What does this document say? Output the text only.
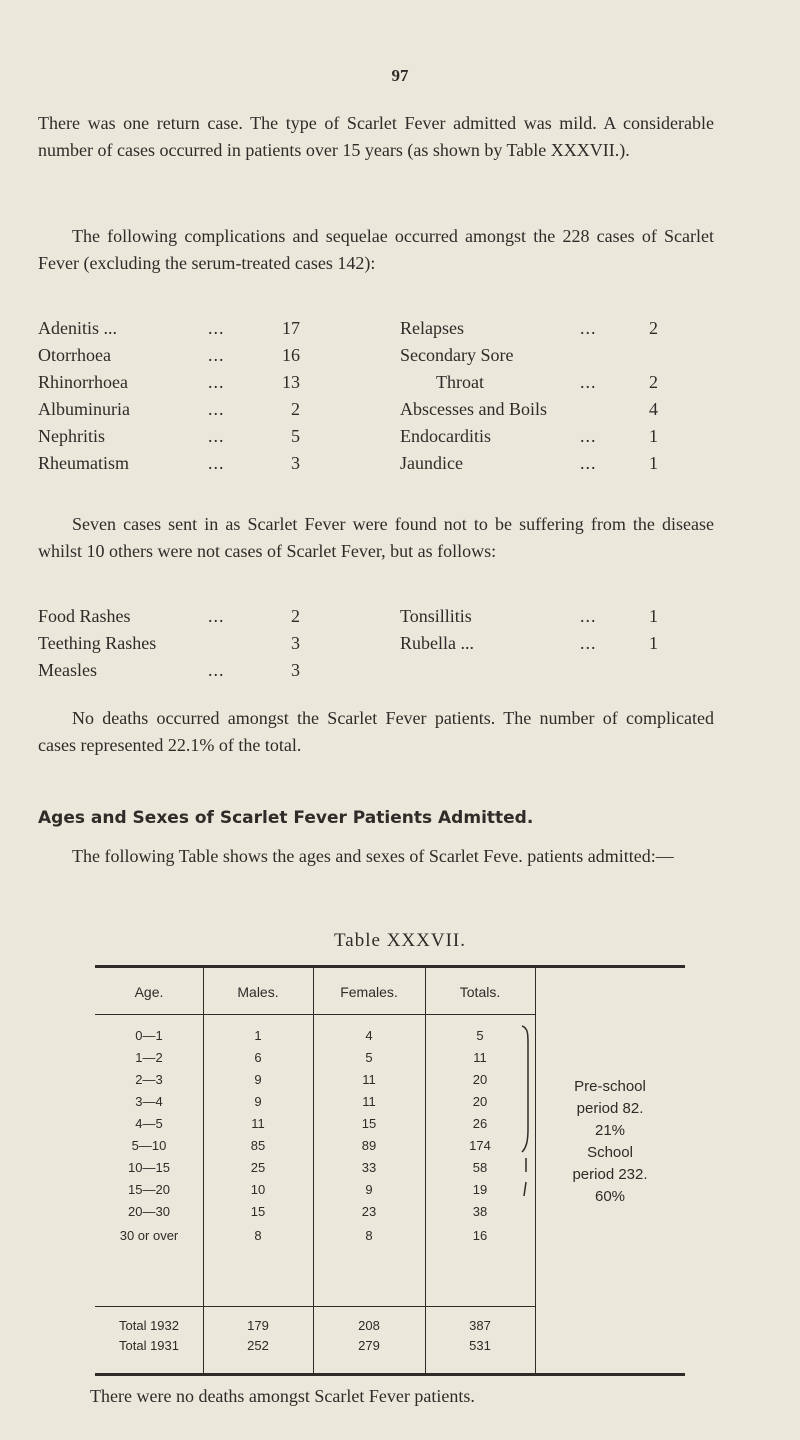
97

There was one return case. The type of Scarlet Fever admitted was mild. A considerable number of cases occurred in patients over 15 years (as shown by Table XXXVII.).

The following complications and sequelae occurred amongst the 228 cases of Scarlet Fever (excluding the serum-treated cases 142):

Adenitis ...	...	17	Relapses	...	2
Otorrhoea	...	16	Secondary Sore
Rhinorrhoea	...	13	Throat	...	2
Albuminuria	...	2	Abscesses and Boils	4
Nephritis	...	5	Endocarditis	...	1
Rheumatism	...	3	Jaundice	...	1

Seven cases sent in as Scarlet Fever were found not to be suffering from the disease whilst 10 others were not cases of Scarlet Fever, but as follows:

Food Rashes	...	2	Tonsillitis	...	1
Teething Rashes	3	Rubella ...	...	1
Measles	...	3

No deaths occurred amongst the Scarlet Fever patients. The number of complicated cases represented 22.1% of the total.

Ages and Sexes of Scarlet Fever Patients Admitted.

The following Table shows the ages and sexes of Scarlet Feve. patients admitted:—

Table XXXVII.
Age.	Males.	Females.	Totals.
0—1	1	4	5
1—2	6	5	11
2—3	9	11	20
3—4	9	11	20
4—5	11	15	26
5—10	85	89	174
10—15	25	33	58
15—20	10	9	19
20—30	15	23	38
30 or over	8	8	16
Total 1932	179	208	387
Total 1931	252	279	531
Pre-school
period 82.
21%
School
period 232.
60%
There were no deaths amongst Scarlet Fever patients.
